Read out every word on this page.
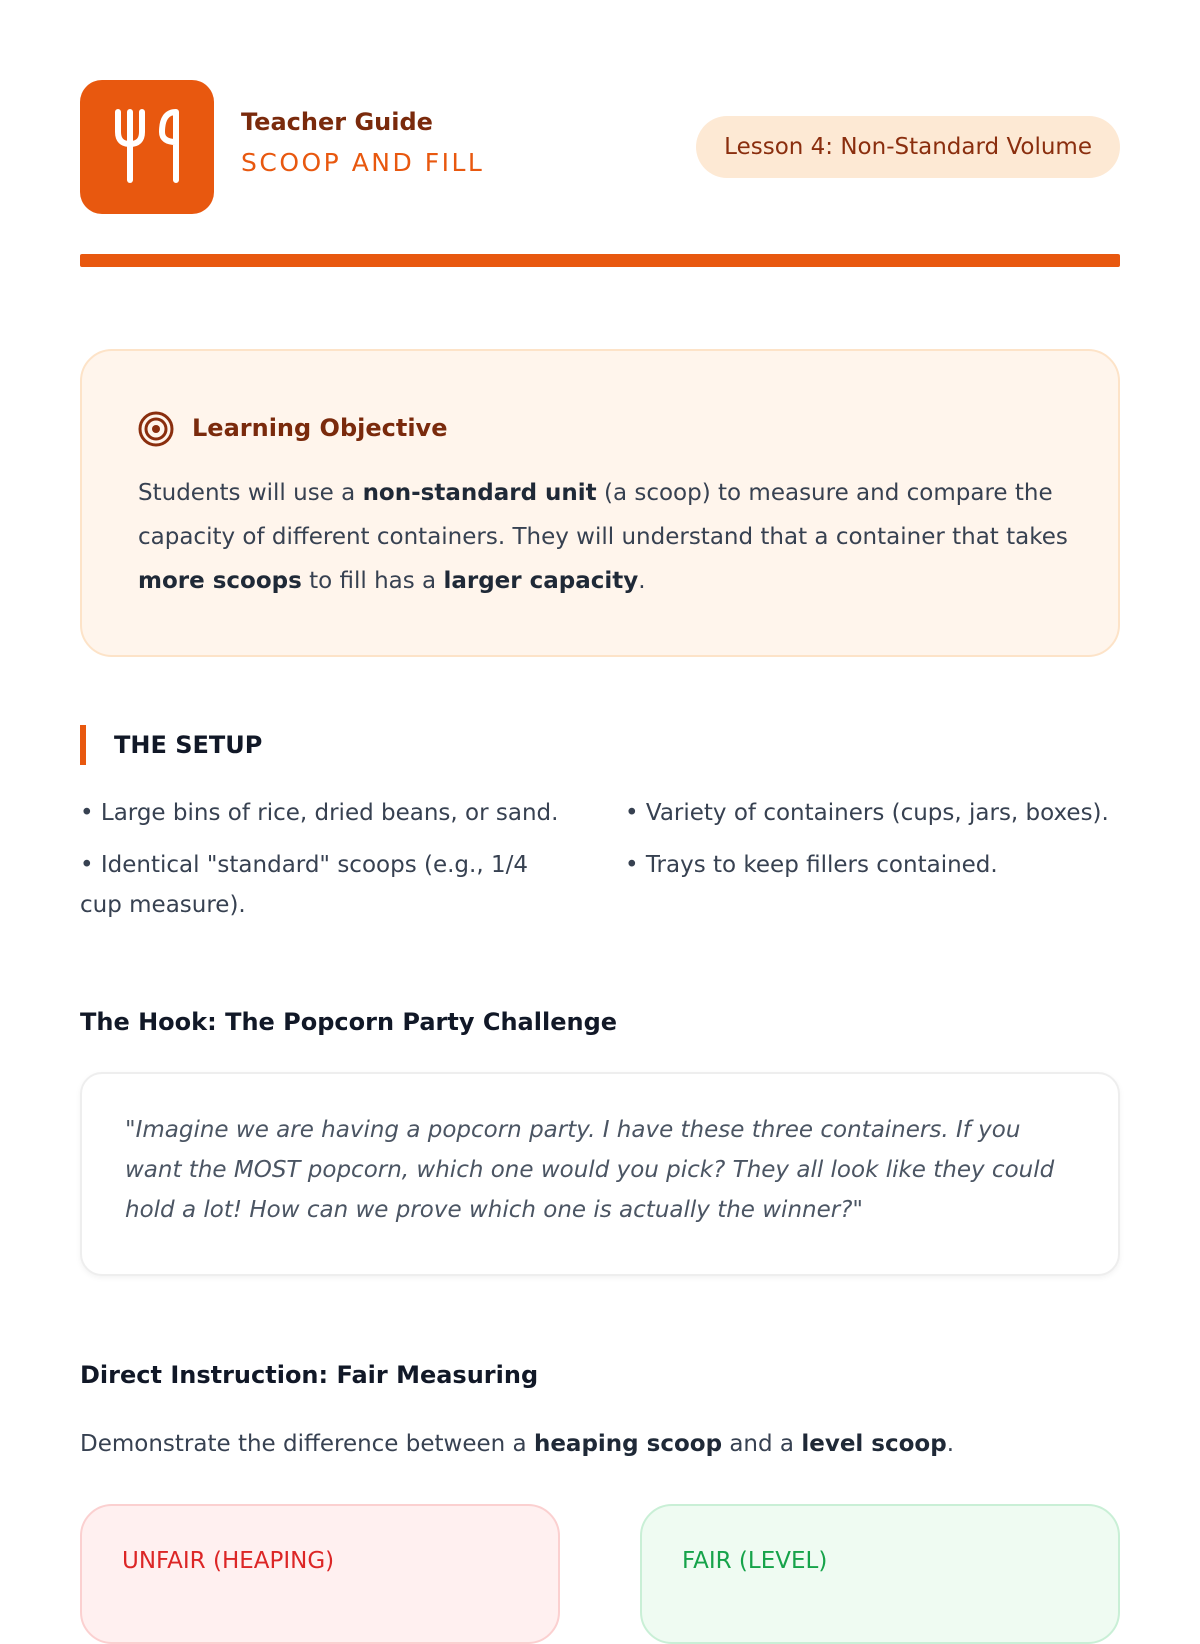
Teacher Guide
SCOOP AND FILL
Lesson 4: Non-Standard Volume
Learning Objective
Students will use a non-standard unit (a scoop) to measure and compare the capacity of different containers. They will understand that a container that takes more scoops to fill has a larger capacity.
THE SETUP
• Large bins of rice, dried beans, or sand.	• Variety of containers (cups, jars, boxes).
• Identical "standard" scoops (e.g., 1/4 cup measure).
• Trays to keep fillers contained.
The Hook: The Popcorn Party Challenge
"Imagine we are having a popcorn party. I have these three containers. If you want the MOST popcorn, which one would you pick? They all look like they could hold a lot! How can we prove which one is actually the winner?"
Direct Instruction: Fair Measuring
Demonstrate the difference between a heaping scoop and a level scoop.
UNFAIR (HEAPING)	FAIR (LEVEL)
